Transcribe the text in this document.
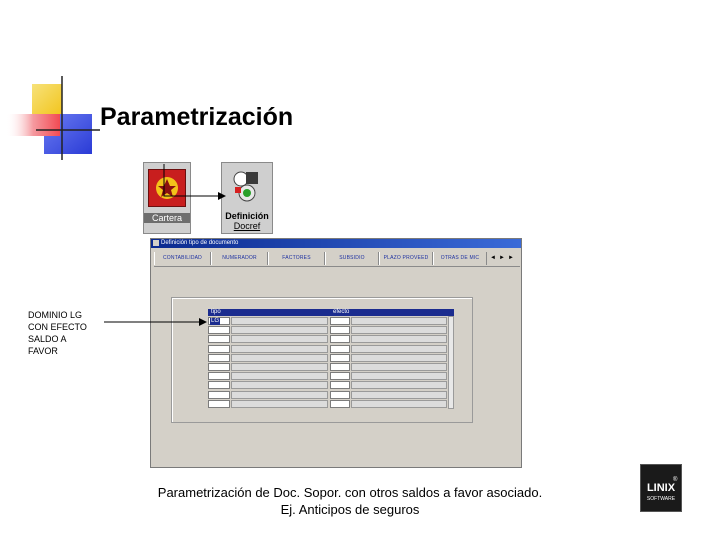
Parametrización
Cartera	Definición
Docref
Definición tipo de documento
CONTABILIDAD	NUMERADOR	FACTORES	SUBSIDIO	PLAZO PROVEED	OTRAS DE MIC	◄ ► ►
tipo	efecto
LG
DOMINIO LG CON EFECTO SALDO A FAVOR
Parametrización de Doc. Sopor. con otros saldos a favor asociado.
Ej. Anticipos de seguros
LINIX
SOFTWARE
®
